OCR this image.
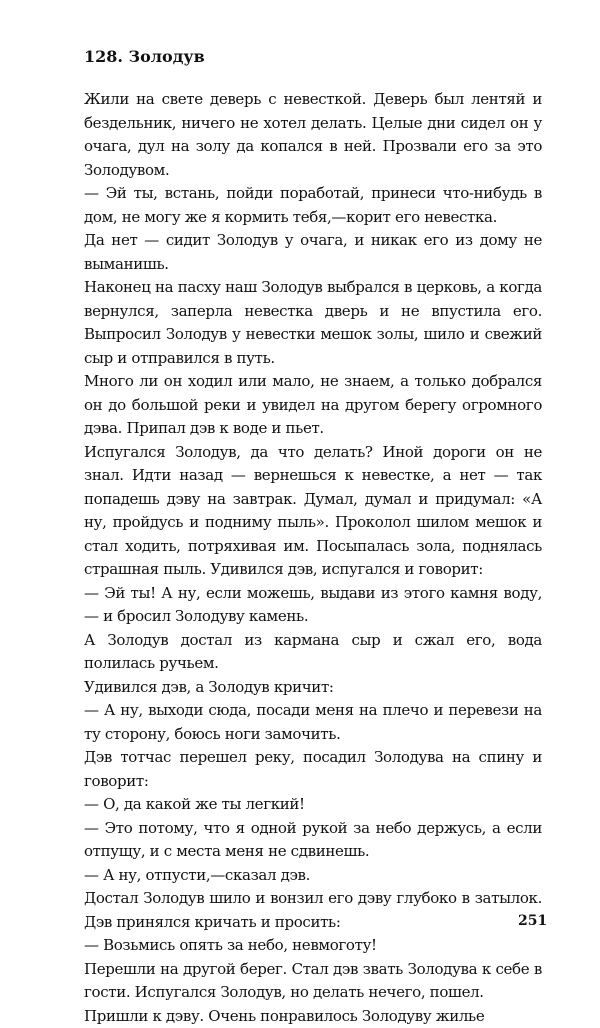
128. Золодув

Жили на свете деверь с невесткой. Деверь был лентяй и бездельник, ничего не хотел делать. Целые дни сидел он у очага, дул на золу да копался в ней. Прозвали его за это Золодувом.

— Эй ты, встань, пойди поработай, принеси что-нибудь в дом, не могу же я кормить тебя,—корит его невестка.

Да нет — сидит Золодув у очага, и никак его из дому не выманишь.

Наконец на пасху наш Золодув выбрался в церковь, а когда вернулся, заперла невестка дверь и не впустила его. Выпросил Золодув у невестки мешок золы, шило и свежий сыр и отправился в путь.

Много ли он ходил или мало, не знаем, а только добрался он до большой реки и увидел на другом берегу огромного дэва. Припал дэв к воде и пьет.

Испугался Золодув, да что делать? Иной дороги он не знал. Идти назад — вернешься к невестке, а нет — так попадешь дэву на завтрак. Думал, думал и придумал: «А ну, пройдусь и подниму пыль». Проколол шилом мешок и стал ходить, потряхивая им. Посыпалась зола, поднялась страшная пыль. Удивился дэв, испугался и говорит:

— Эй ты! А ну, если можешь, выдави из этого камня воду,— и бросил Золодуву камень.

А Золодув достал из кармана сыр и сжал его, вода полилась ручьем.

Удивился дэв, а Золодув кричит:

— А ну, выходи сюда, посади меня на плечо и перевези на ту сторону, боюсь ноги замочить.

Дэв тотчас перешел реку, посадил Золодува на спину и говорит:

— О, да какой же ты легкий!

— Это потому, что я одной рукой за небо держусь, а если отпущу, и с места меня не сдвинешь.

— А ну, отпусти,—сказал дэв.

Достал Золодув шило и вонзил его дэву глубоко в затылок. Дэв принялся кричать и просить:

— Возьмись опять за небо, невмоготу!

Перешли на другой берег. Стал дэв звать Золодува к себе в гости. Испугался Золодув, но делать нечего, пошел.

Пришли к дэву. Очень понравилось Золодуву жилье

251
